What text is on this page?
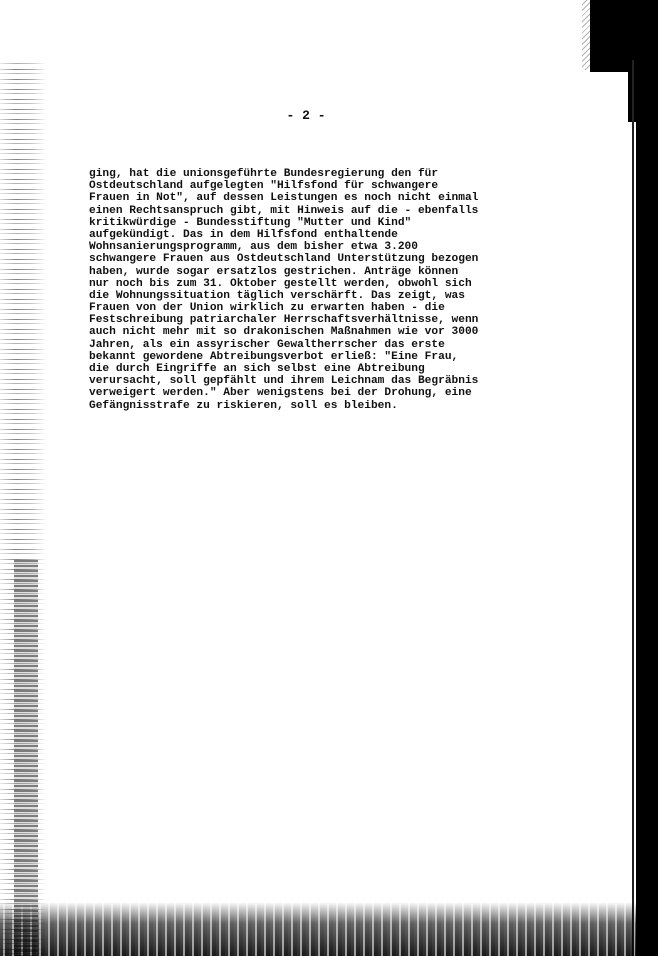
- 2 -
ging, hat die unionsgeführte Bundesregierung den für
Ostdeutschland aufgelegten "Hilfsfond für schwangere
Frauen in Not", auf dessen Leistungen es noch nicht einmal
einen Rechtsanspruch gibt, mit Hinweis auf die - ebenfalls
kritikwürdige - Bundesstiftung "Mutter und Kind"
aufgekündigt. Das in dem Hilfsfond enthaltende
Wohnsanierungsprogramm, aus dem bisher etwa 3.200
schwangere Frauen aus Ostdeutschland Unterstützung bezogen
haben, wurde sogar ersatzlos gestrichen. Anträge können
nur noch bis zum 31. Oktober gestellt werden, obwohl sich
die Wohnungssituation täglich verschärft. Das zeigt, was
Frauen von der Union wirklich zu erwarten haben - die
Festschreibung patriarchaler Herrschaftsverhältnisse, wenn
auch nicht mehr mit so drakonischen Maßnahmen wie vor 3000
Jahren, als ein assyrischer Gewaltherrscher das erste
bekannt gewordene Abtreibungsverbot erließ: "Eine Frau,
die durch Eingriffe an sich selbst eine Abtreibung
verursacht, soll gepfählt und ihrem Leichnam das Begräbnis
verweigert werden." Aber wenigstens bei der Drohung, eine
Gefängnisstrafe zu riskieren, soll es bleiben.
